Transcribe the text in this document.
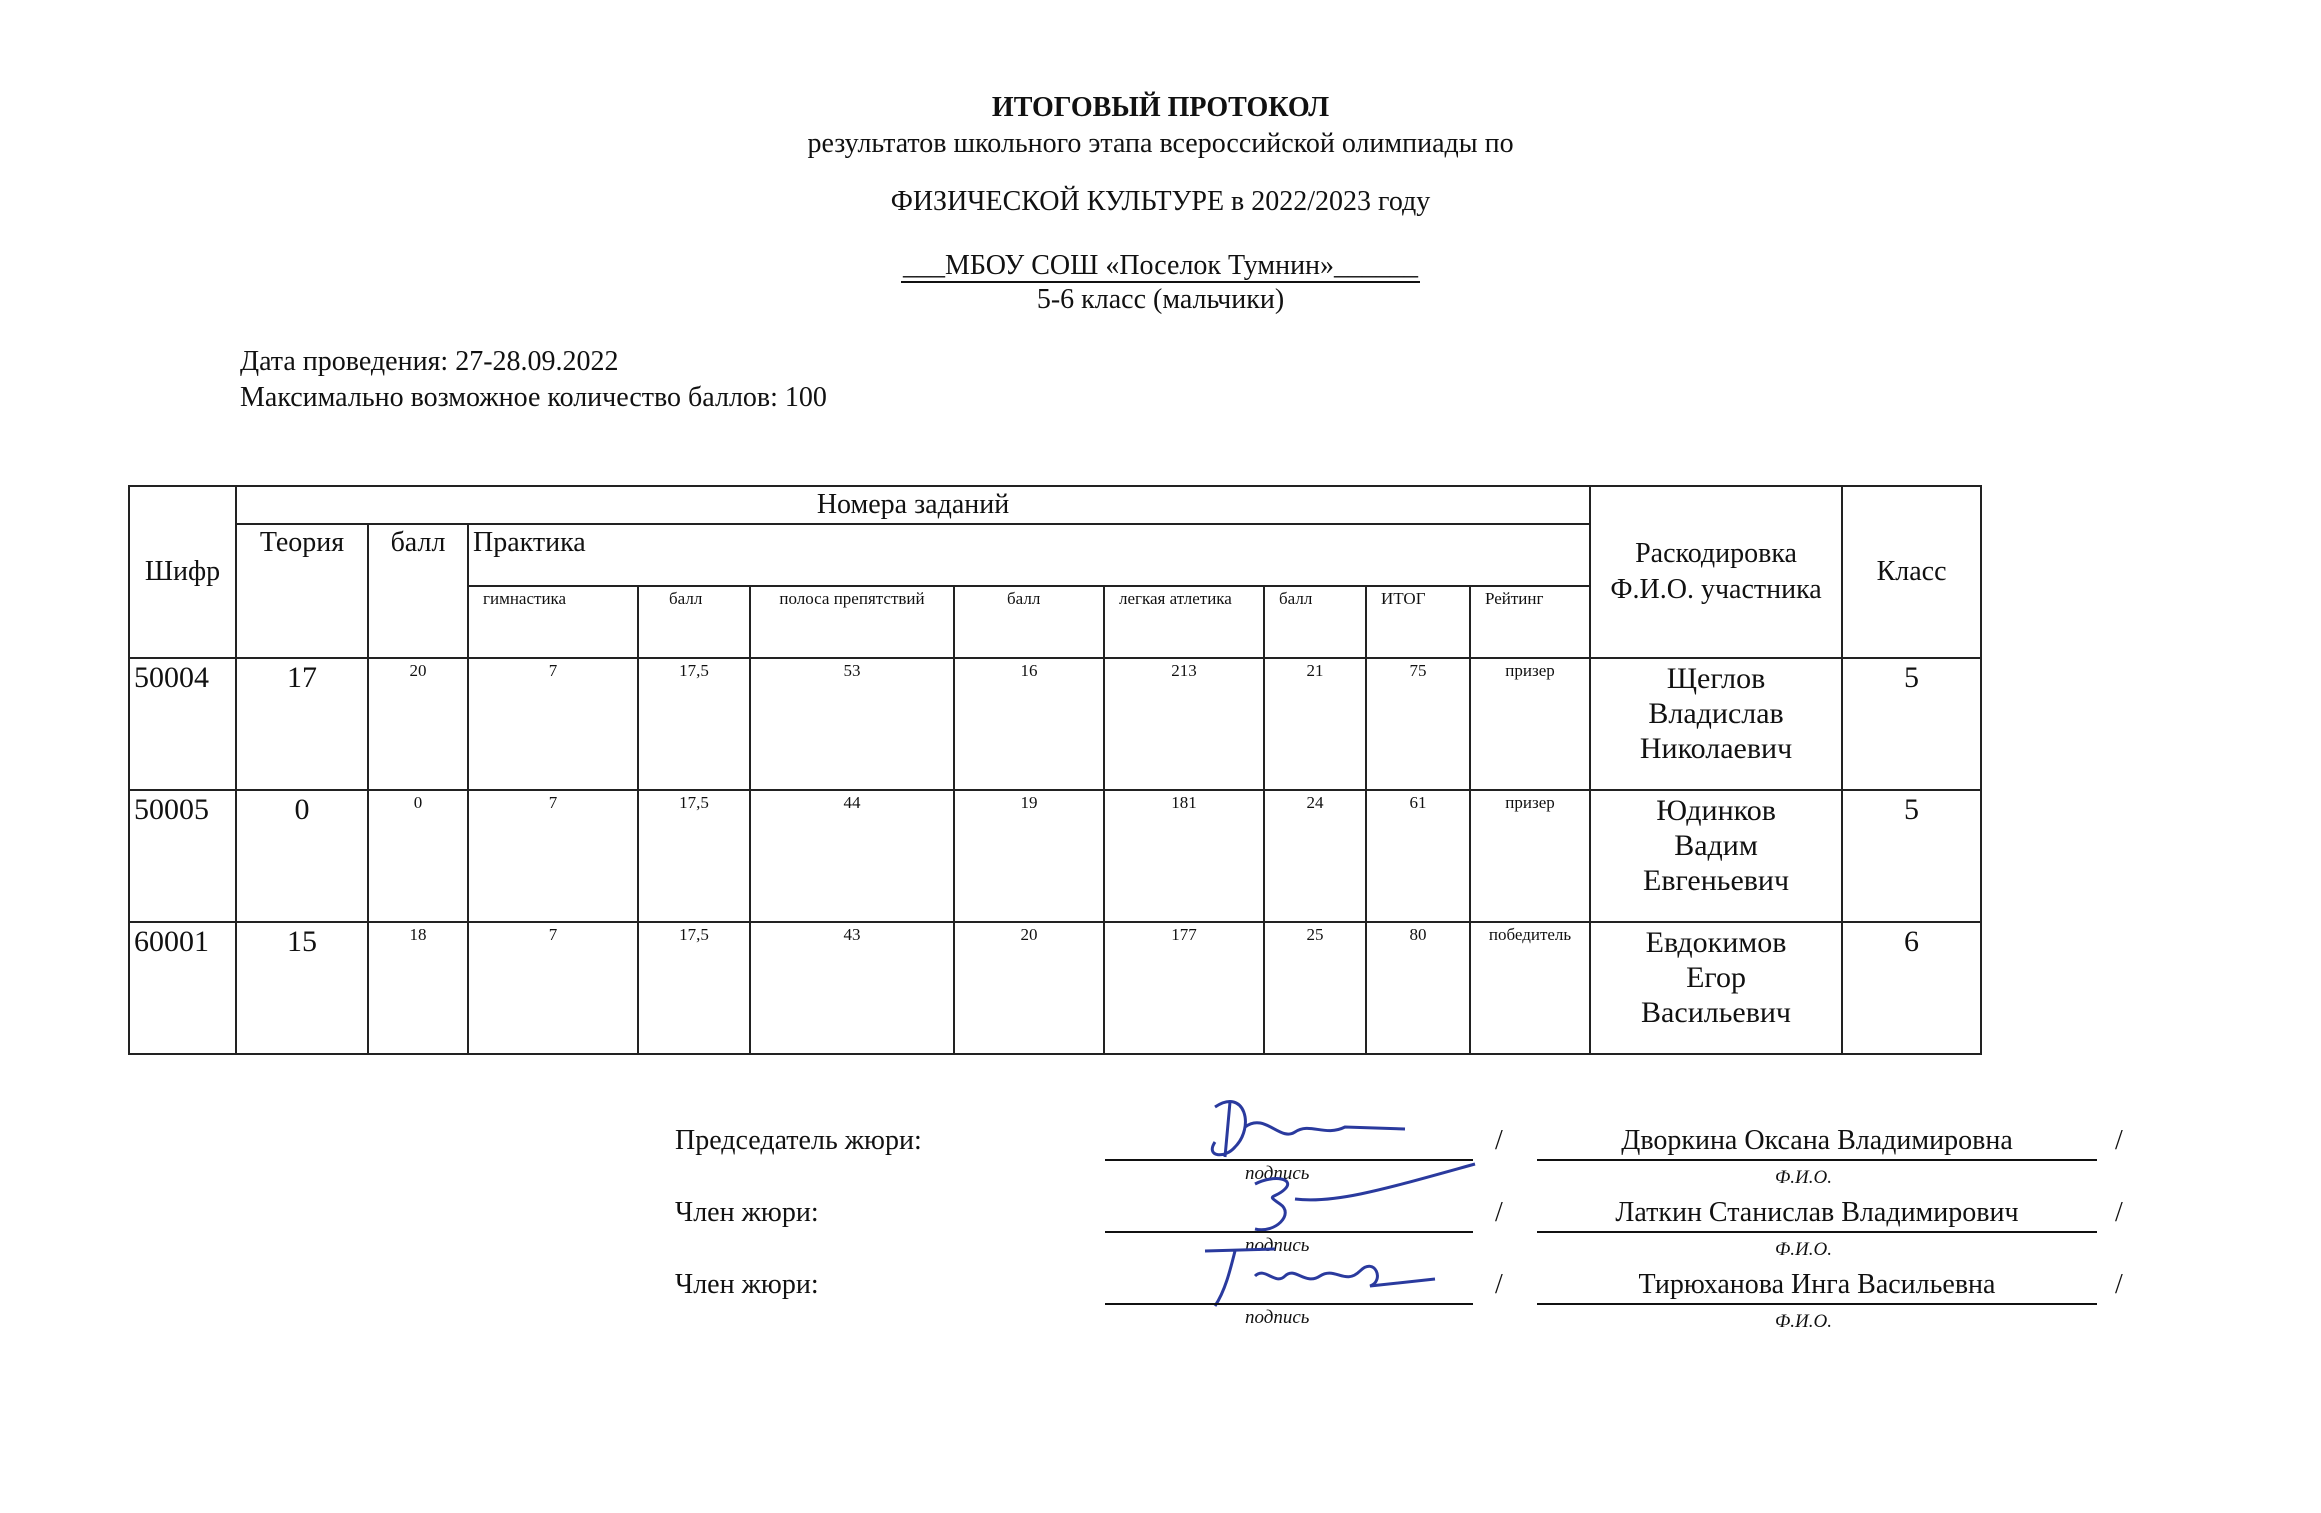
ИТОГОВЫЙ ПРОТОКОЛ
результатов школьного этапа всероссийской олимпиады по
ФИЗИЧЕСКОЙ КУЛЬТУРЕ в 2022/2023 году
___МБОУ СОШ «Поселок Тумнин»______
5-6 класс (мальчики)
Дата проведения: 27-28.09.2022
Максимально возможное количество баллов: 100
Шифр	Номера заданий										Раскодировка Ф.И.О. участника	Класс
	Теория	балл	Практика									
			гимнастика	балл	полоса препятствий	балл	легкая атлетика	балл	ИТОГ	Рейтинг		
50004	17	20	7	17,5	53	16	213	21	75	призер	Щеглов
Владислав
Николаевич	5
50005	0	0	7	17,5	44	19	181	24	61	призер	Юдинков
Вадим
Евгеньевич	5
60001	15	18	7	17,5	43	20	177	25	80	победитель	Евдокимов
Егор
Васильевич	6
Председатель жюри:
подпись
/	Дворкина Оксана Владимировна
Ф.И.О.
/
Член жюри:
подпись
/	Латкин Станислав Владимирович
Ф.И.О.
/
Член жюри:
подпись
/	Тирюханова Инга Васильевна
Ф.И.О.
/
